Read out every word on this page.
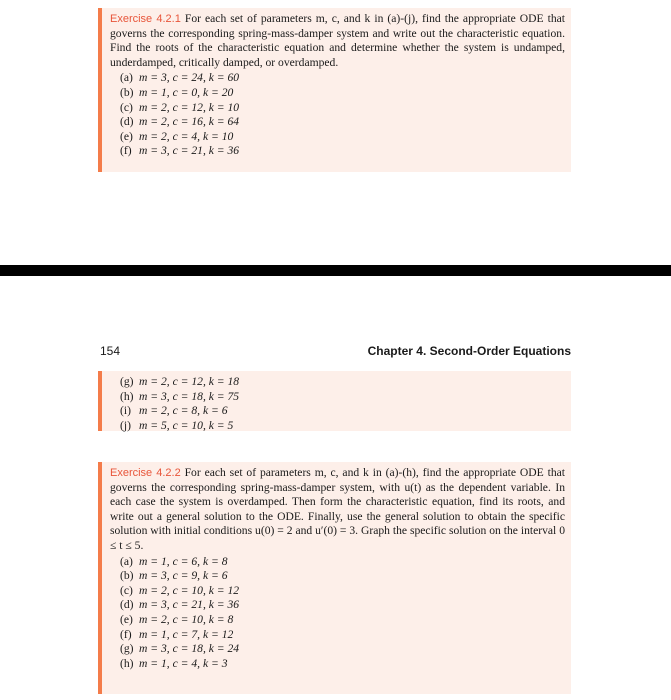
Exercise 4.2.1 For each set of parameters m, c, and k in (a)-(j), find the appropriate ODE that governs the corresponding spring-mass-damper system and write out the characteristic equation. Find the roots of the characteristic equation and determine whether the system is undamped, underdamped, critically damped, or overdamped.

(a) m = 3, c = 24, k = 60
(b) m = 1, c = 0, k = 20
(c) m = 2, c = 12, k = 10
(d) m = 2, c = 16, k = 64
(e) m = 2, c = 4, k = 10
(f) m = 3, c = 21, k = 36
154	Chapter 4. Second-Order Equations
(g) m = 2, c = 12, k = 18
(h) m = 3, c = 18, k = 75
(i) m = 2, c = 8, k = 6
(j) m = 5, c = 10, k = 5

Exercise 4.2.2 For each set of parameters m, c, and k in (a)-(h), find the appropriate ODE that governs the corresponding spring-mass-damper system, with u(t) as the dependent variable. In each case the system is overdamped. Then form the characteristic equation, find its roots, and write out a general solution to the ODE. Finally, use the general solution to obtain the specific solution with initial conditions u(0) = 2 and u′(0) = 3. Graph the specific solution on the interval 0 ≤ t ≤ 5.

(a) m = 1, c = 6, k = 8
(b) m = 3, c = 9, k = 6
(c) m = 2, c = 10, k = 12
(d) m = 3, c = 21, k = 36
(e) m = 2, c = 10, k = 8
(f) m = 1, c = 7, k = 12
(g) m = 3, c = 18, k = 24
(h) m = 1, c = 4, k = 3
